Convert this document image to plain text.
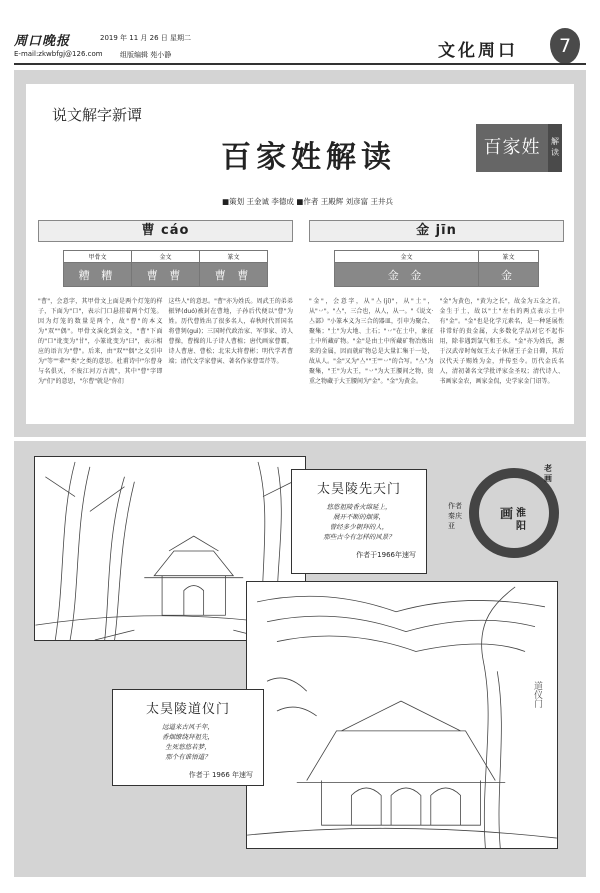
周口晚报
E-mail:zkwbfgj@126.com
2019 年 11 月 26 日 星期二
组版编辑 苑小静	文化周口	7
说文解字新谭
百家姓解读
■策划 王金诚 李德成 ■作者 王殿辉 刘彦富 王井兵
百家姓	解读
曹 cáo
甲骨文	金文	篆文
糟 糟	曹 曹	曹 曹

"曹"，会意字，其甲骨文上面是两个灯笼的样子，下面为"口"，表示门口悬挂着两个灯笼。因为灯笼的数量是两个，故"曹"的本义为"双""偶"。甲骨文演化到金文，"曹"下面的"口"讹变为"甘"，小篆讹变为"曰"，表示相应的语言为"曹"。后来，由"双""偶"之义引申为"等""辈""类"之类的意思。杜甫诗中"尔曹身与名俱灭，不废江河万古流"，其中"曹"字即为"们"的意思，"尔曹"就是"你们

这些人"的意思。"曹"亦为姓氏。周武王的弟弟振铎(duó)被封在曹地，子孙后代便以"曹"为姓。历代曹姓出了很多名人，春秋时代晋国名将曹刿(guì)；三国时代政治家、军事家、诗人曹操，曹操的儿子诗人曹植；唐代画家曹霸，诗人曹唐、曹松；北宋大将曹彬；明代学者曹端；清代文学家曹寅、著名作家曹雪芹等。

金 jīn
金文	篆文
金 金	金

"金"，会意字，从"亼(jí)"，从"土"，从"丷"。"亼"，三合也，从人，从一。"《说文·亼部》"小篆本义为三合的器皿，引申为聚合、聚集；"土"为大地、土石；"丷"在土中，象征土中所藏矿物。"金"是由土中所藏矿物冶炼出来的金属，因而就矿物总是大量汇集于一处，故从人。"金"又为"亼""王""丷"的合写。"亼"为聚集，"王"为大王，"丷"为大王腰间之物，贵重之物藏于大王腰间为"金"。"金"为黄金。

"金"为黄色，"黄为之长"，故金为五金之首。金生于土，故以"土"左右的两点表示土中有"金"。"金"也是化学元素名，是一种延展性非常好的贵金属，大多数化学品对它不起作用，除非遇到氯气和王水。"金"亦为姓氏，源于汉武帝时匈奴王太子休屠王子金日磾，其后汉代天子赐姓为金，并传至今。历代金氏名人，清初著名文学批评家金圣叹；清代诗人、书画家金农，画家金侃，史学家金门诏等。

太昊陵先天门
悠悠祖陵香火绵延上，
展开不断的烟雾，
曾经多少朝拜的人，
那些古今有怎样的风景？
作者于1966年速写
画
老画
淮阳
作者 秦庆亚
道仪门
太昊陵道仪门
远道来古风千年，
香烟缭绕拜祖先，
生死悠悠若梦，
那个有谁悟道？
作者于 1966 年速写
